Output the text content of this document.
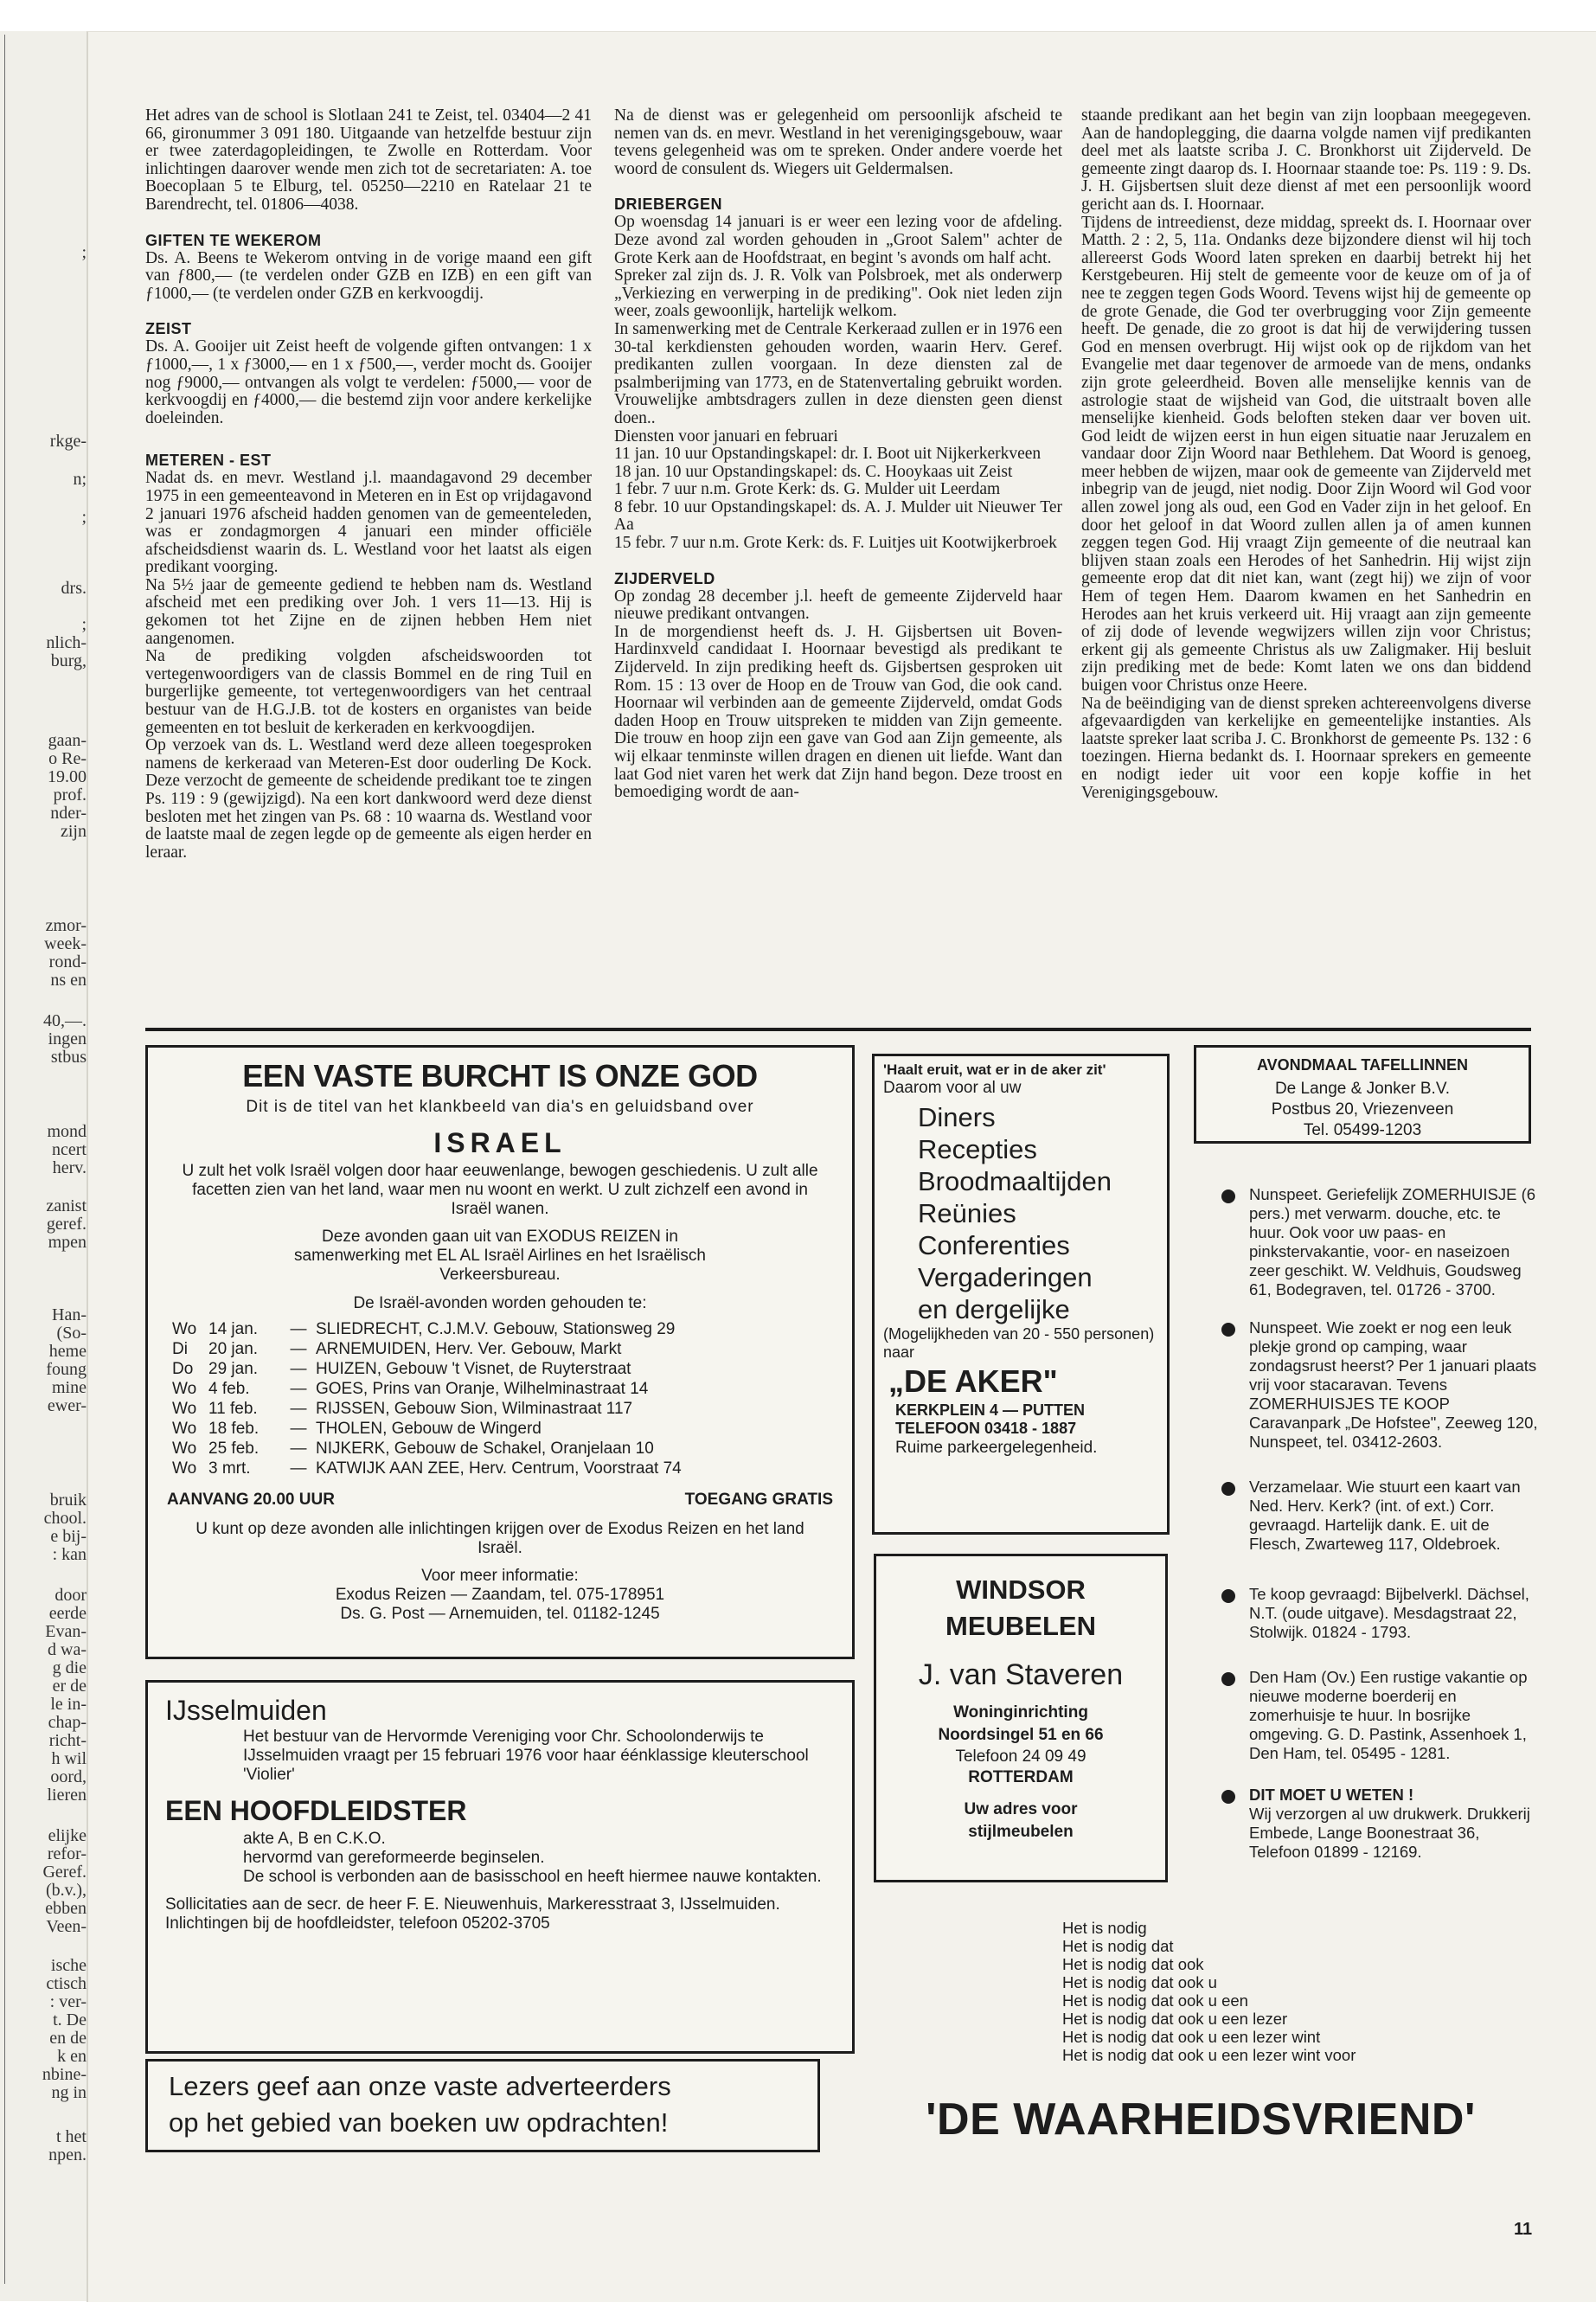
;
rkge-
n;
;
drs.
;
nlich-
burg,
gaan-
o Re-
19.00
prof.
nder-
zijn
zmor-
week-
rond-
ns en
40,—.
ingen
stbus
mond
ncert
herv.
zanist
geref.
mpen
Han-
(So-
heme
foung
mine
ewer-
bruik
chool.
e bij-
: kan
door
eerde
Evan-
d wa-
g die
er de
le in-
chap-
richt-
h wil
oord,
lieren
elijke
refor-
Geref.
(b.v.),
ebben
Veen-
ische
ctisch
: ver-
t. De
en de
k en
nbine-
ng in
t het
npen.

Het adres van de school is Slotlaan 241 te Zeist, tel. 03404—2 41 66, gironummer 3 091 180. Uitgaande van hetzelfde bestuur zijn er twee zaterdagopleidingen, te Zwolle en Rotterdam. Voor inlichtingen daarover wende men zich tot de secretariaten: A. toe Boecoplaan 5 te Elburg, tel. 05250—2210 en Ratelaar 21 te Barendrecht, tel. 01806—4038.

GIFTEN TE WEKEROM

Ds. A. Beens te Wekerom ontving in de vorige maand een gift van ƒ800,— (te verdelen onder GZB en IZB) en een gift van ƒ1000,— (te verdelen onder GZB en kerkvoogdij.

ZEIST

Ds. A. Gooijer uit Zeist heeft de volgende giften ontvangen: 1 x ƒ1000,—, 1 x ƒ3000,— en 1 x ƒ500,—, verder mocht ds. Gooijer nog ƒ9000,— ontvangen als volgt te verdelen: ƒ5000,— voor de kerkvoogdij en ƒ4000,— die bestemd zijn voor andere kerkelijke doeleinden.

METEREN - EST

Nadat ds. en mevr. Westland j.l. maandagavond 29 december 1975 in een gemeenteavond in Meteren en in Est op vrijdagavond 2 januari 1976 afscheid hadden genomen van de gemeenteleden, was er zondagmorgen 4 januari een minder officiële afscheidsdienst waarin ds. L. Westland voor het laatst als eigen predikant voorging.

Na 5½ jaar de gemeente gediend te hebben nam ds. Westland afscheid met een prediking over Joh. 1 vers 11—13. Hij is gekomen tot het Zijne en de zijnen hebben Hem niet aangenomen.

Na de prediking volgden afscheidswoorden tot vertegenwoordigers van de classis Bommel en de ring Tuil en burgerlijke gemeente, tot vertegenwoordigers van het centraal bestuur van de H.G.J.B. tot de kosters en organistes van beide gemeenten en tot besluit de kerkeraden en kerkvoogdijen.

Op verzoek van ds. L. Westland werd deze alleen toegesproken namens de kerkeraad van Meteren-Est door ouderling De Kock. Deze verzocht de gemeente de scheidende predikant toe te zingen Ps. 119 : 9 (gewijzigd). Na een kort dankwoord werd deze dienst besloten met het zingen van Ps. 68 : 10 waarna ds. Westland voor de laatste maal de zegen legde op de gemeente als eigen herder en leraar.

Na de dienst was er gelegenheid om persoonlijk afscheid te nemen van ds. en mevr. Westland in het verenigingsgebouw, waar tevens gelegenheid was om te spreken. Onder andere voerde het woord de consulent ds. Wiegers uit Geldermalsen.

DRIEBERGEN

Op woensdag 14 januari is er weer een lezing voor de afdeling. Deze avond zal worden gehouden in „Groot Salem" achter de Grote Kerk aan de Hoofdstraat, en begint 's avonds om half acht.

Spreker zal zijn ds. J. R. Volk van Polsbroek, met als onderwerp „Verkiezing en verwerping in de prediking". Ook niet leden zijn weer, zoals gewoonlijk, hartelijk welkom.

In samenwerking met de Centrale Kerkeraad zullen er in 1976 een 30-tal kerkdiensten gehouden worden, waarin Herv. Geref. predikanten zullen voorgaan. In deze diensten zal de psalmberijming van 1773, en de Statenvertaling gebruikt worden. Vrouwelijke ambtsdragers zullen in deze diensten geen dienst doen..

Diensten voor januari en februari

11 jan. 10 uur Opstandingskapel: dr. I. Boot uit Nijkerkerkveen

18 jan. 10 uur Opstandingskapel: ds. C. Hooykaas uit Zeist

1 febr. 7 uur n.m. Grote Kerk: ds. G. Mulder uit Leerdam

8 febr. 10 uur Opstandingskapel: ds. A. J. Mulder uit Nieuwer Ter Aa

15 febr. 7 uur n.m. Grote Kerk: ds. F. Luitjes uit Kootwijkerbroek

ZIJDERVELD

Op zondag 28 december j.l. heeft de gemeente Zijderveld haar nieuwe predikant ontvangen.

In de morgendienst heeft ds. J. H. Gijsbertsen uit Boven-Hardinxveld candidaat I. Hoornaar bevestigd als predikant te Zijderveld. In zijn prediking heeft ds. Gijsbertsen gesproken uit Rom. 15 : 13 over de Hoop en de Trouw van God, die ook cand. Hoornaar wil verbinden aan de gemeente Zijderveld, omdat Gods daden Hoop en Trouw uitspreken te midden van Zijn gemeente. Die trouw en hoop zijn een gave van God aan Zijn gemeente, als wij elkaar tenminste willen dragen en dienen uit liefde. Want dan laat God niet varen het werk dat Zijn hand begon. Deze troost en bemoediging wordt de aan-

staande predikant aan het begin van zijn loopbaan meegegeven. Aan de handoplegging, die daarna volgde namen vijf predikanten deel met als laatste scriba J. C. Bronkhorst uit Zijderveld. De gemeente zingt daarop ds. I. Hoornaar staande toe: Ps. 119 : 9. Ds. J. H. Gijsbertsen sluit deze dienst af met een persoonlijk woord gericht aan ds. I. Hoornaar.

Tijdens de intreedienst, deze middag, spreekt ds. I. Hoornaar over Matth. 2 : 2, 5, 11a. Ondanks deze bijzondere dienst wil hij toch allereerst Gods Woord laten spreken en daarbij betrekt hij het Kerstgebeuren. Hij stelt de gemeente voor de keuze om of ja of nee te zeggen tegen Gods Woord. Tevens wijst hij de gemeente op de grote Genade, die God ter overbrugging voor Zijn gemeente heeft. De genade, die zo groot is dat hij de verwijdering tussen God en mensen overbrugt. Hij wijst ook op de rijkdom van het Evangelie met daar tegenover de armoede van de mens, ondanks zijn grote geleerdheid. Boven alle menselijke kennis van de astrologie staat de wijsheid van God, die uitstraalt boven alle menselijke kienheid. Gods beloften steken daar ver boven uit. God leidt de wijzen eerst in hun eigen situatie naar Jeruzalem en vandaar door Zijn Woord naar Bethlehem. Dat Woord is genoeg, meer hebben de wijzen, maar ook de gemeente van Zijderveld met inbegrip van de jeugd, niet nodig. Door Zijn Woord wil God voor allen zowel jong als oud, een God en Vader zijn in het geloof. En door het geloof in dat Woord zullen allen ja of amen kunnen zeggen tegen God. Hij vraagt Zijn gemeente of die neutraal kan blijven staan zoals een Herodes of het Sanhedrin. Hij wijst zijn gemeente erop dat dit niet kan, want (zegt hij) we zijn of voor Hem of tegen Hem. Daarom kwamen en het Sanhedrin en Herodes aan het kruis verkeerd uit. Hij vraagt aan zijn gemeente of zij dode of levende wegwijzers willen zijn voor Christus; erkent gij als gemeente Christus als uw Zaligmaker. Hij besluit zijn prediking met de bede: Komt laten we ons dan biddend buigen voor Christus onze Heere.

Na de beëindiging van de dienst spreken achtereenvolgens diverse afgevaardigden van kerkelijke en gemeentelijke instanties. Als laatste spreker laat scriba J. C. Bronkhorst de gemeente Ps. 132 : 6 toezingen. Hierna bedankt ds. I. Hoornaar sprekers en gemeente en nodigt ieder uit voor een kopje koffie in het Verenigingsgebouw.

EEN VASTE BURCHT IS ONZE GOD
Dit is de titel van het klankbeeld van dia's en geluidsband over
ISRAEL
U zult het volk Israël volgen door haar eeuwenlange, bewogen geschiedenis. U zult alle facetten zien van het land, waar men nu woont en werkt. U zult zichzelf een avond in Israël wanen.
Deze avonden gaan uit van EXODUS REIZEN in samenwerking met EL AL Israël Airlines en het Israëlisch Verkeersbureau.
De Israël-avonden worden gehouden te:
Wo 14 jan.	— SLIEDRECHT, C.J.M.V. Gebouw, Stationsweg 29
Di	20 jan.	— ARNEMUIDEN, Herv. Ver. Gebouw, Markt
Do 29 jan.	— HUIZEN, Gebouw 't Visnet, de Ruyterstraat
Wo 4 feb.	— GOES, Prins van Oranje, Wilhelminastraat 14
Wo 11 feb.	— RIJSSEN, Gebouw Sion, Wilminastraat 117
Wo 18 feb.	— THOLEN, Gebouw de Wingerd
Wo 25 feb.	— NIJKERK, Gebouw de Schakel, Oranjelaan 10
Wo 3 mrt.	— KATWIJK AAN ZEE, Herv. Centrum, Voorstraat 74
AANVANG 20.00 UUR	TOEGANG GRATIS
U kunt op deze avonden alle inlichtingen krijgen over de Exodus Reizen en het land Israël.
Voor meer informatie:
Exodus Reizen — Zaandam, tel. 075-178951
Ds. G. Post — Arnemuiden, tel. 01182-1245
IJsselmuiden
Het bestuur van de Hervormde Vereniging voor Chr. Schoolonderwijs te IJsselmuiden vraagt per 15 februari 1976 voor haar éénklassige kleuterschool 'Violier'
EEN HOOFDLEIDSTER
akte A, B en C.K.O.
hervormd van gereformeerde beginselen.
De school is verbonden aan de basisschool en heeft hiermee nauwe kontakten.
Sollicitaties aan de secr. de heer F. E. Nieuwenhuis, Markeresstraat 3, IJsselmuiden.
Inlichtingen bij de hoofdleidster, telefoon 05202-3705
Lezers geef aan onze vaste adverteerders
op het gebied van boeken uw opdrachten!
'Haalt eruit, wat er in de aker zit'
Daarom voor al uw
Diners
Recepties
Broodmaaltijden
Reünies
Conferenties
Vergaderingen
en dergelijke
(Mogelijkheden van 20 - 550 personen) naar
„DE AKER"
KERKPLEIN 4 — PUTTEN
TELEFOON 03418 - 1887
Ruime parkeergelegenheid.
WINDSOR
MEUBELEN
J. van Staveren
Woninginrichting
Noordsingel 51 en 66
Telefoon 24 09 49
ROTTERDAM
Uw adres voor
stijlmeubelen
AVONDMAAL TAFELLINNEN
De Lange & Jonker B.V.
Postbus 20, Vriezenveen
Tel. 05499-1203
Nunspeet. Geriefelijk ZOMERHUISJE (6 pers.) met verwarm. douche, etc. te huur. Ook voor uw paas- en pinkstervakantie, voor- en naseizoen zeer geschikt. W. Veldhuis, Goudsweg 61, Bodegraven, tel. 01726 - 3700.
Nunspeet. Wie zoekt er nog een leuk plekje grond op camping, waar zondagsrust heerst? Per 1 januari plaats vrij voor stacaravan. Tevens ZOMERHUISJES TE KOOP Caravanpark „De Hofstee", Zeeweg 120, Nunspeet, tel. 03412-2603.
Verzamelaar. Wie stuurt een kaart van Ned. Herv. Kerk? (int. of ext.) Corr. gevraagd. Hartelijk dank. E. uit de Flesch, Zwarteweg 117, Oldebroek.
Te koop gevraagd: Bijbelverkl. Dächsel, N.T. (oude uitgave). Mesdagstraat 22, Stolwijk. 01824 - 1793.
Den Ham (Ov.) Een rustige vakantie op nieuwe moderne boerderij en zomerhuisje te huur. In bosrijke omgeving. G. D. Pastink, Assenhoek 1, Den Ham, tel. 05495 - 1281.
DIT MOET U WETEN !
Wij verzorgen al uw drukwerk. Drukkerij Embede, Lange Boonestraat 36, Telefoon 01899 - 12169.
Het is nodig
Het is nodig dat
Het is nodig dat ook
Het is nodig dat ook u
Het is nodig dat ook u een
Het is nodig dat ook u een lezer
Het is nodig dat ook u een lezer wint
Het is nodig dat ook u een lezer wint voor
'DE WAARHEIDSVRIEND'
11
